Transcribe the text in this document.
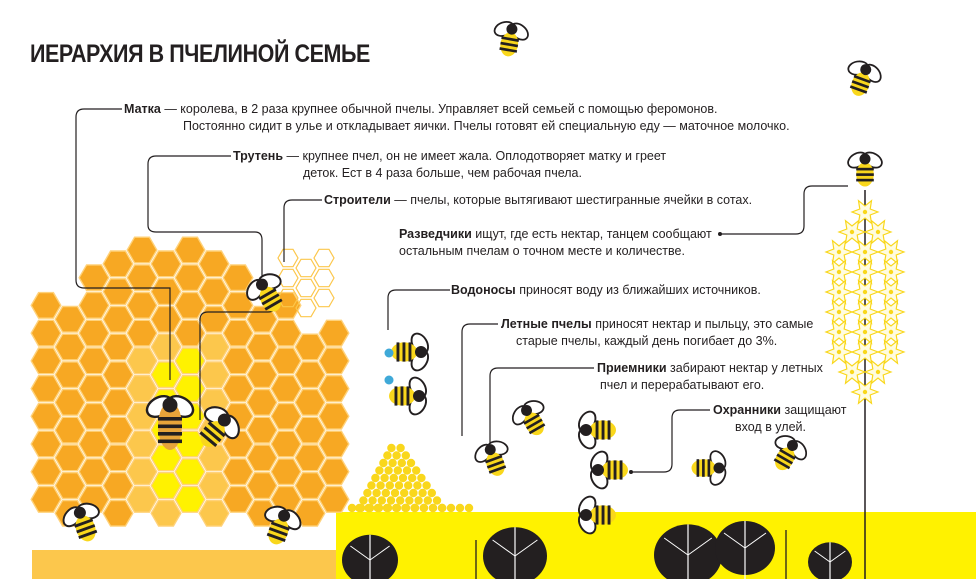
ИЕРАРХИЯ В ПЧЕЛИНОЙ СЕМЬЕ
Матка — королева, в 2 раза крупнее обычной пчелы. Управляет всей семьей с помощью феромонов.
Постоянно сидит в улье и откладывает яички. Пчелы готовят ей специальную еду — маточное молочко.
Трутень — крупнее пчел, он не имеет жала. Оплодотворяет матку и греет
деток. Ест в 4 раза больше, чем рабочая пчела.
Строители — пчелы, которые вытягивают шестигранные ячейки в сотах.
Разведчики ищут, где есть нектар, танцем сообщают
остальным пчелам о точном месте и количестве.
Водоносы приносят воду из ближайших источников.
Летные пчелы приносят нектар и пыльцу, это самые
старые пчелы, каждый день погибает до 3%.
Приемники забирают нектар у летных
пчел и перерабатывают его.
Охранники защищают
вход в улей.
